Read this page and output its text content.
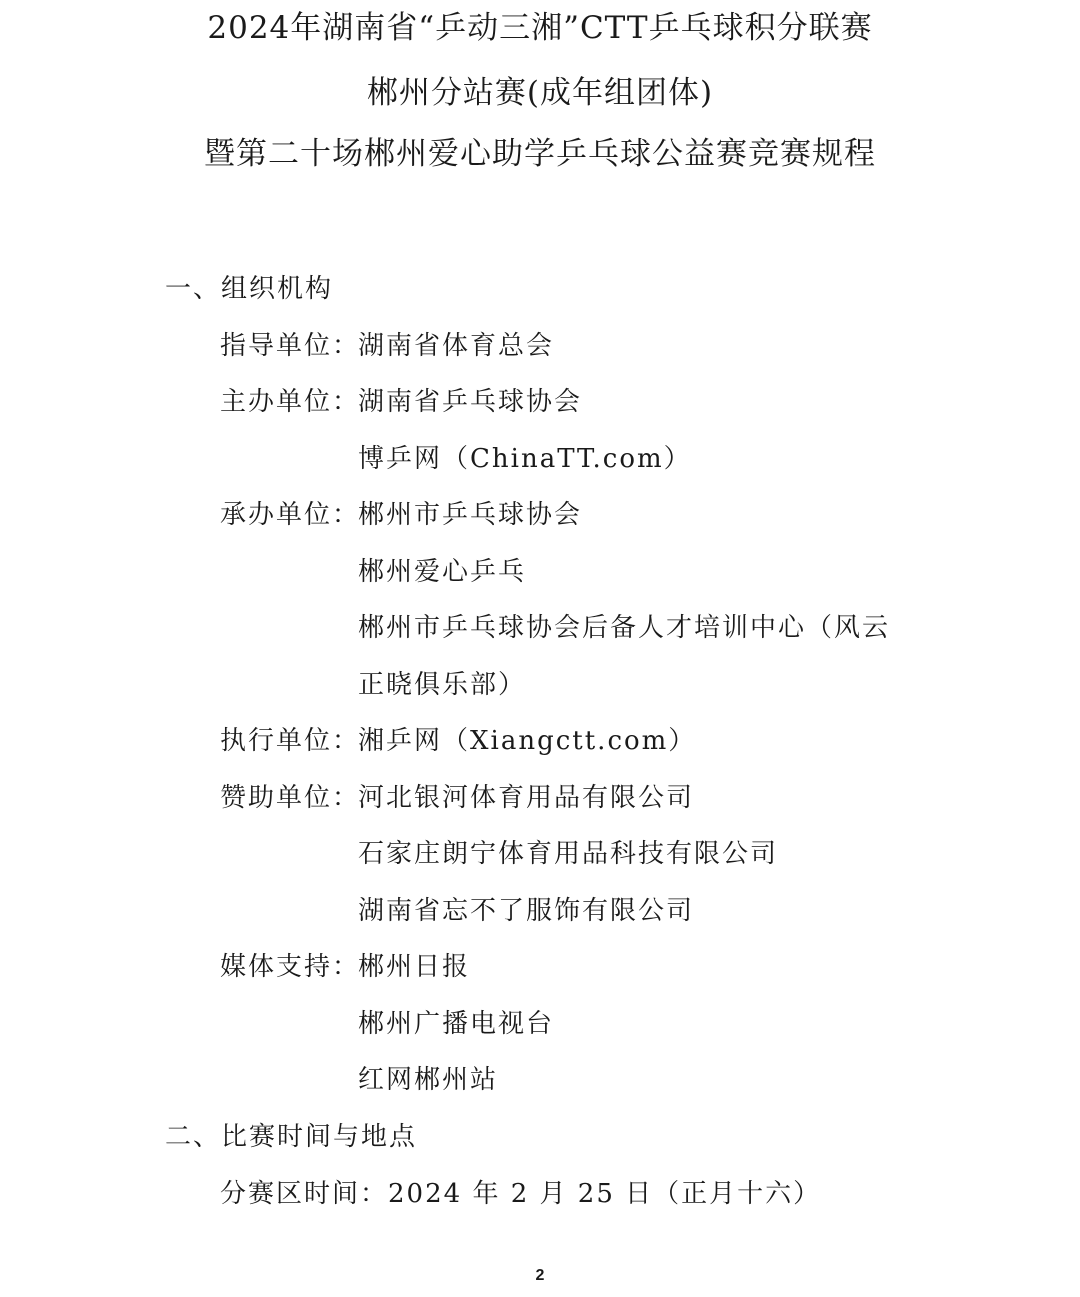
2024年湖南省“乒动三湘”CTT乒乓球积分联赛
郴州分站赛(成年组团体)
暨第二十场郴州爱心助学乒乓球公益赛竞赛规程
一、组织机构
指导单位：湖南省体育总会
主办单位：湖南省乒乓球协会
博乒网（ChinaTT.com）
承办单位：郴州市乒乓球协会
郴州爱心乒乓
郴州市乒乓球协会后备人才培训中心（风云
正晓俱乐部）
执行单位：湘乒网（Xiangctt.com）
赞助单位：河北银河体育用品有限公司
石家庄朗宁体育用品科技有限公司
湖南省忘不了服饰有限公司
媒体支持：郴州日报
郴州广播电视台
红网郴州站
二、比赛时间与地点
分赛区时间：2024 年 2 月 25 日（正月十六）
2
